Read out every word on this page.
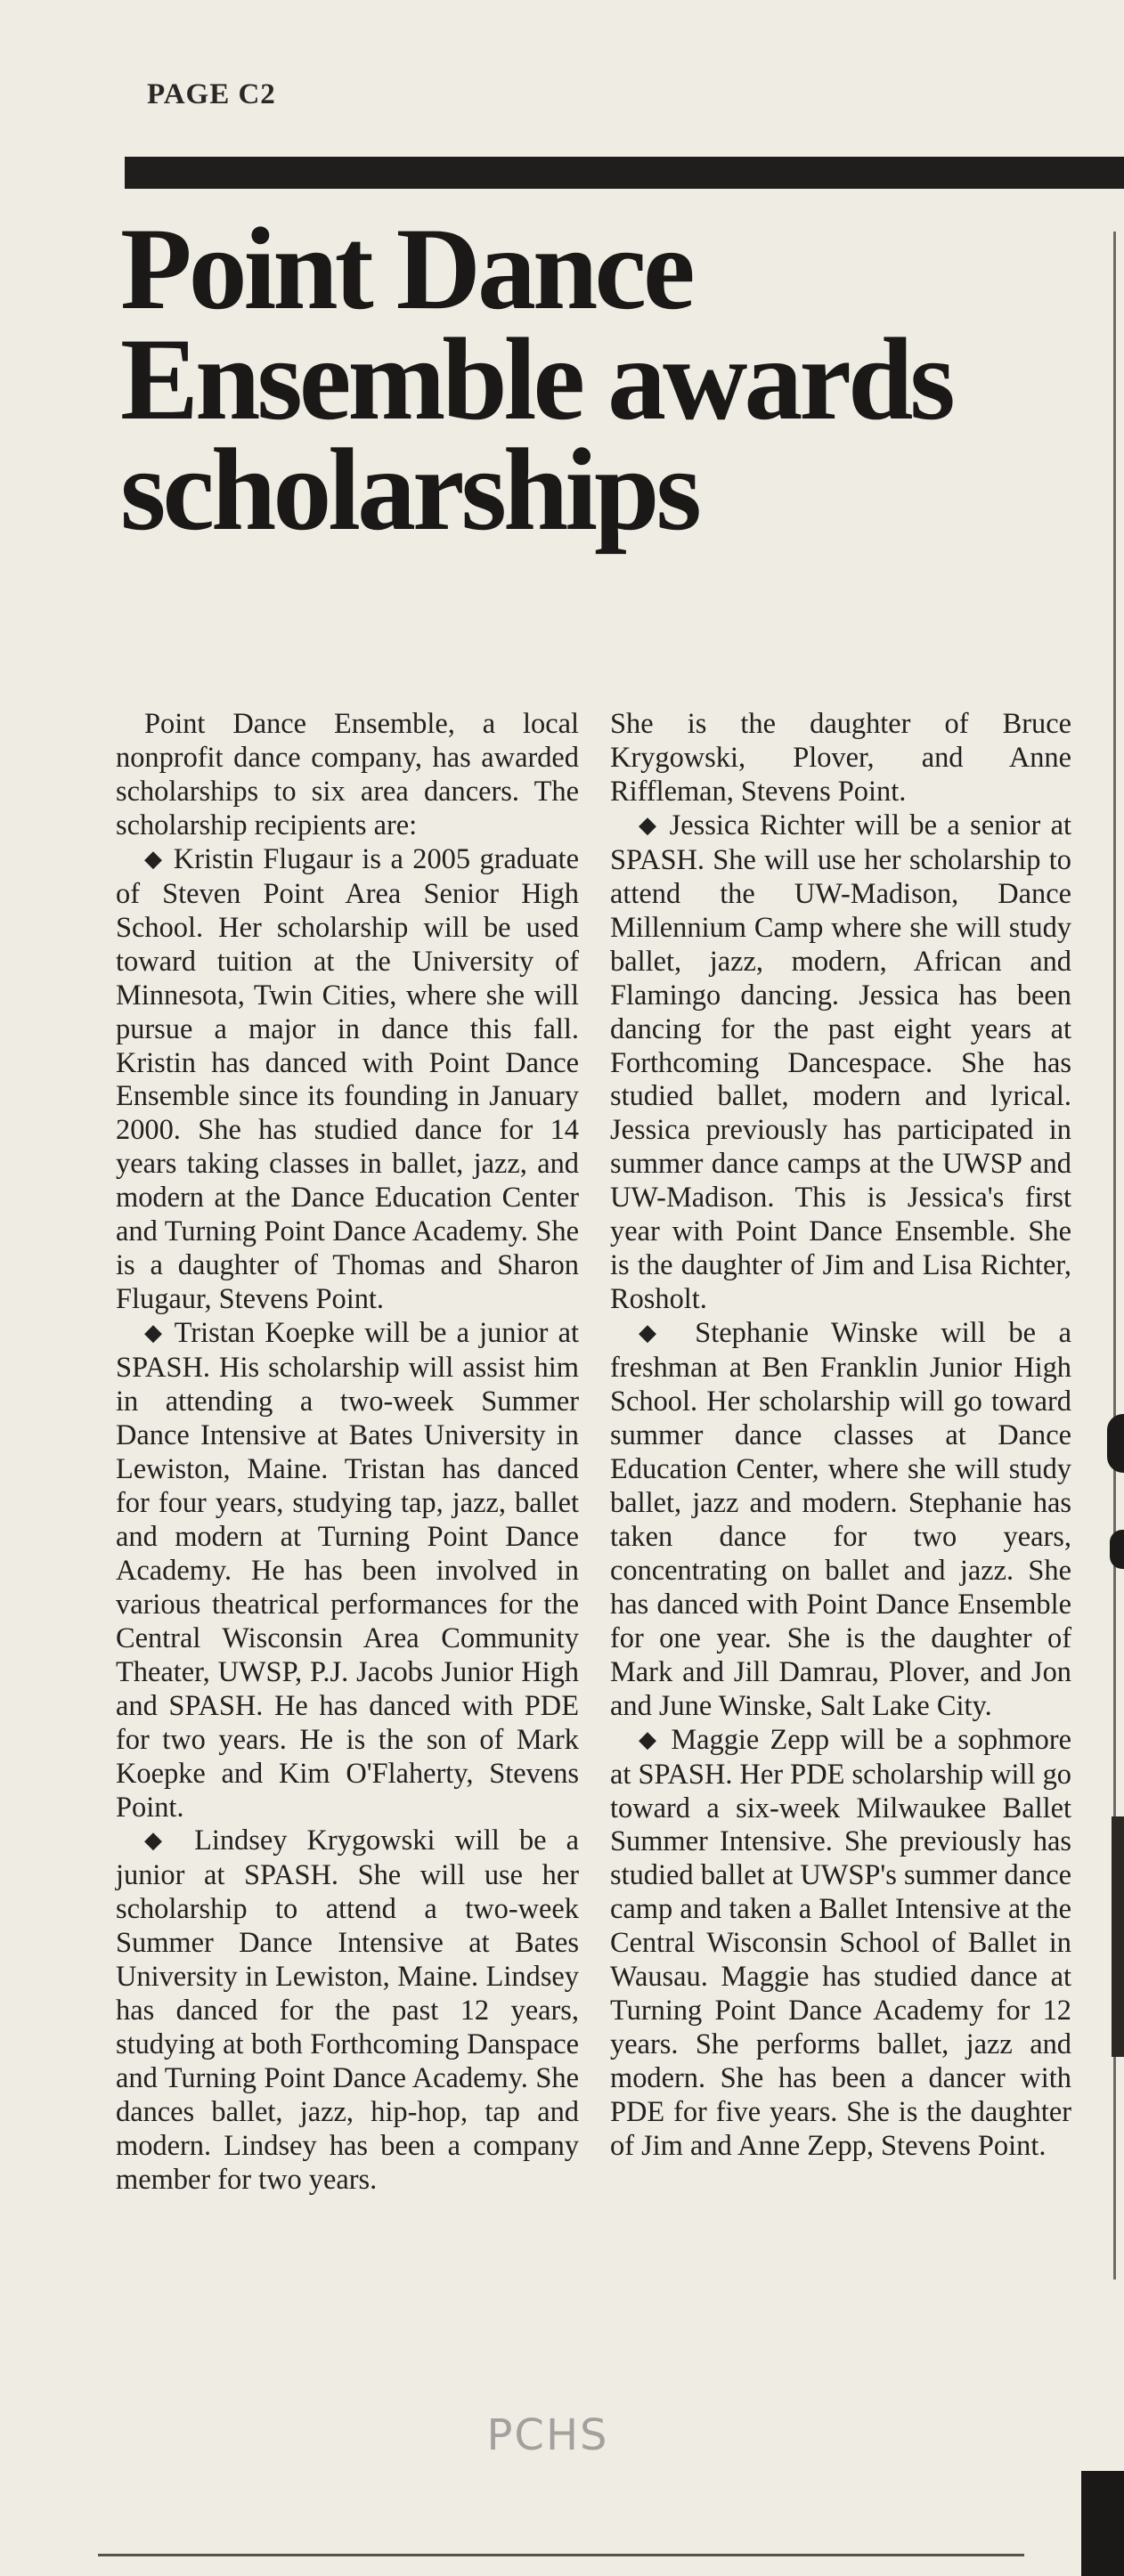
PAGE C2
Point Dance
Ensemble awards
scholarships

Point Dance Ensemble, a local nonprofit dance company, has awarded scholarships to six area dancers. The scholarship recipients are:

◆ Kristin Flugaur is a 2005 graduate of Steven Point Area Senior High School. Her scholarship will be used toward tuition at the University of Minnesota, Twin Cities, where she will pursue a major in dance this fall. Kristin has danced with Point Dance Ensemble since its founding in January 2000. She has studied dance for 14 years taking classes in ballet, jazz, and modern at the Dance Education Center and Turning Point Dance Academy. She is a daughter of Thomas and Sharon Flugaur, Stevens Point.

◆ Tristan Koepke will be a junior at SPASH. His scholarship will assist him in attending a two-week Summer Dance Intensive at Bates University in Lewiston, Maine. Tristan has danced for four years, studying tap, jazz, ballet and modern at Turning Point Dance Academy. He has been involved in various theatrical performances for the Central Wisconsin Area Community Theater, UWSP, P.J. Jacobs Junior High and SPASH. He has danced with PDE for two years. He is the son of Mark Koepke and Kim O'Flaherty, Stevens Point.

◆ Lindsey Krygowski will be a junior at SPASH. She will use her scholarship to attend a two-week Summer Dance Intensive at Bates University in Lewiston, Maine. Lindsey has danced for the past 12 years, studying at both Forthcoming Danspace and Turning Point Dance Academy. She dances ballet, jazz, hip-hop, tap and modern. Lindsey has been a company member for two years.

She is the daughter of Bruce Krygowski, Plover, and Anne Riffleman, Stevens Point.

◆ Jessica Richter will be a senior at SPASH. She will use her scholarship to attend the UW-Madison, Dance Millennium Camp where she will study ballet, jazz, modern, African and Flamingo dancing. Jessica has been dancing for the past eight years at Forthcoming Dancespace. She has studied ballet, modern and lyrical. Jessica previously has participated in summer dance camps at the UWSP and UW-Madison. This is Jessica's first year with Point Dance Ensemble. She is the daughter of Jim and Lisa Richter, Rosholt.

◆ Stephanie Winske will be a freshman at Ben Franklin Junior High School. Her scholarship will go toward summer dance classes at Dance Education Center, where she will study ballet, jazz and modern. Stephanie has taken dance for two years, concentrating on ballet and jazz. She has danced with Point Dance Ensemble for one year. She is the daughter of Mark and Jill Damrau, Plover, and Jon and June Winske, Salt Lake City.

◆ Maggie Zepp will be a sophmore at SPASH. Her PDE scholarship will go toward a six-week Milwaukee Ballet Summer Intensive. She previously has studied ballet at UWSP's summer dance camp and taken a Ballet Intensive at the Central Wisconsin School of Ballet in Wausau. Maggie has studied dance at Turning Point Dance Academy for 12 years. She performs ballet, jazz and modern. She has been a dancer with PDE for five years. She is the daughter of Jim and Anne Zepp, Stevens Point.

PCHS
